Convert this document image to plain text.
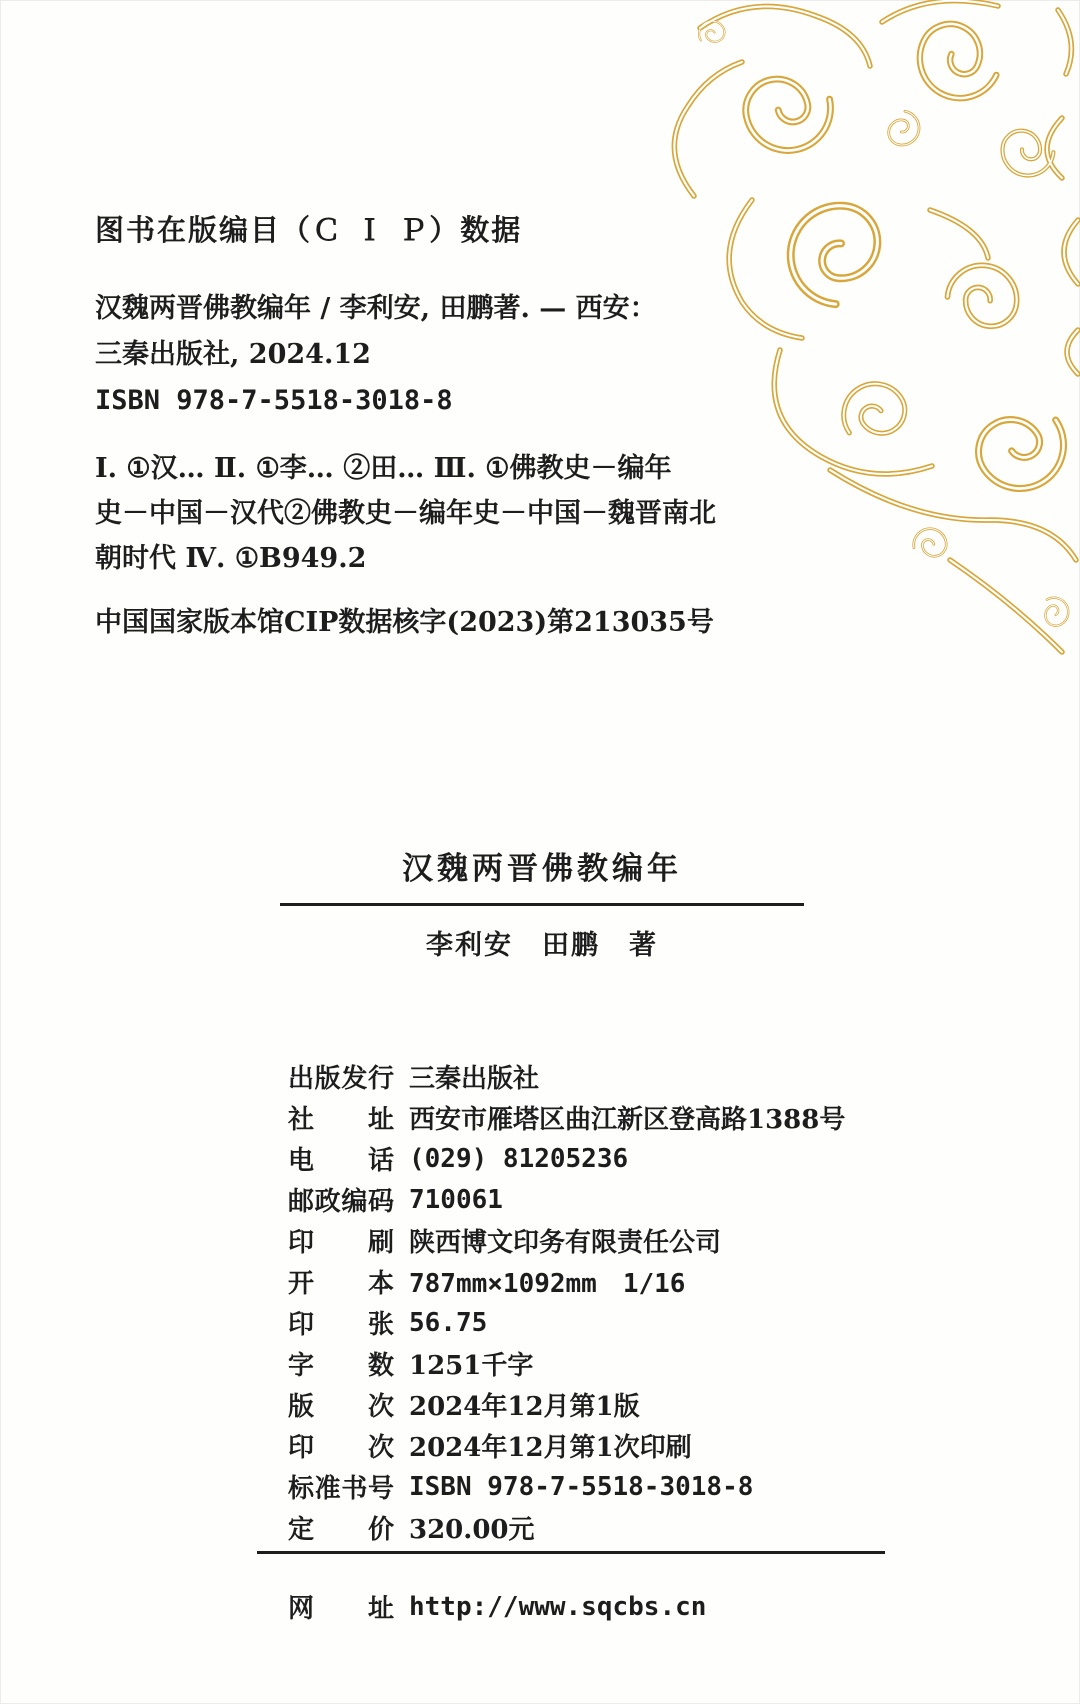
图书在版编目（Ｃ Ｉ Ｐ）数据
汉魏两晋佛教编年 / 李利安, 田鹏著. — 西安：
三秦出版社, 2024.12
ISBN 978-7-5518-3018-8
Ⅰ. ①汉… Ⅱ. ①李… ②田… Ⅲ. ①佛教史－编年
史－中国－汉代②佛教史－编年史－中国－魏晋南北
朝时代 Ⅳ. ①B949.2
中国国家版本馆CIP数据核字(2023)第213035号
汉魏两晋佛教编年
李利安　田鹏　著
出版发行 三秦出版社
社址 西安市雁塔区曲江新区登高路1388号
电话 (029) 81205236
邮政编码 710061
印刷 陕西博文印务有限责任公司
开本 787mm×1092mm　1/16
印张 56.75
字数 1251千字
版次 2024年12月第1版
印次 2024年12月第1次印刷
标准书号 ISBN 978-7-5518-3018-8
定价 320.00元
网址 http://www.sqcbs.cn
